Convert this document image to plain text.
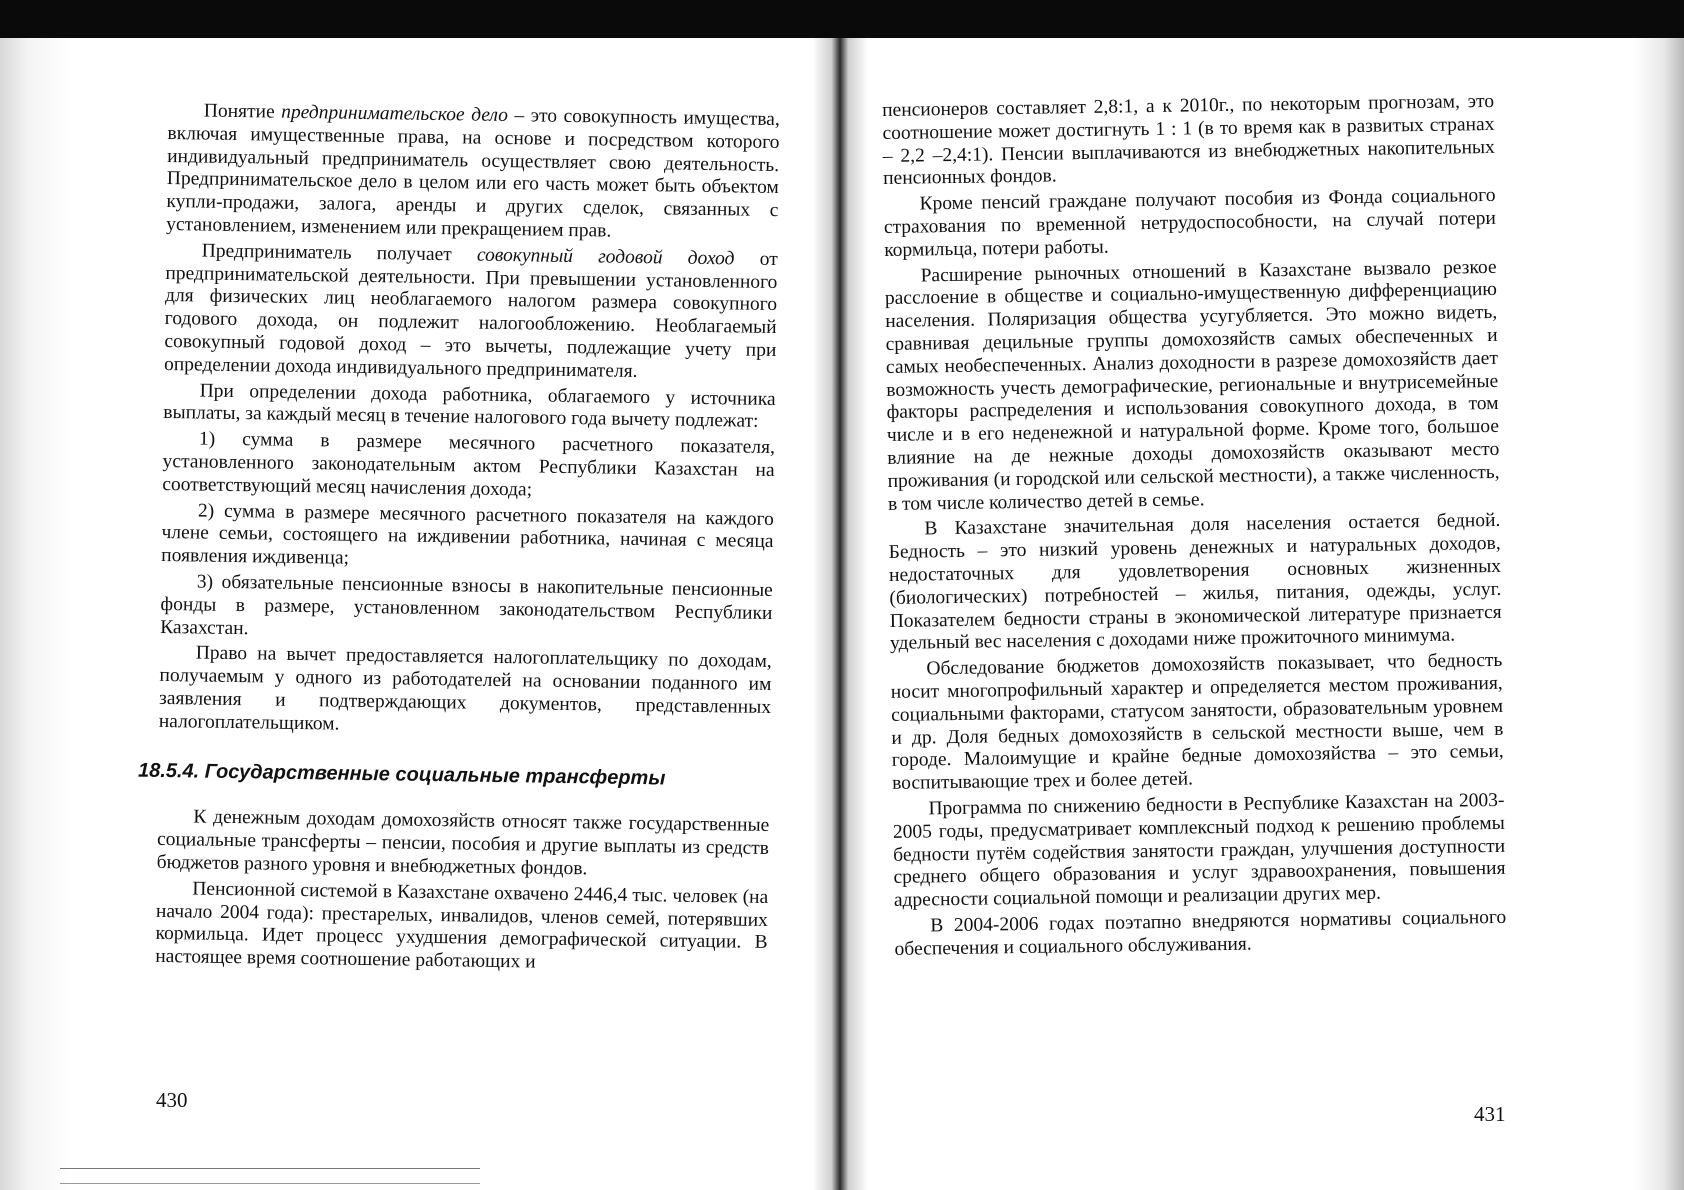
Понятие предпринимательское дело – это совокупность имущества, включая имущественные права, на основе и посредством которого индивидуальный предприниматель осуществляет свою деятельность. Предпринимательское дело в целом или его часть может быть объектом купли-продажи, залога, аренды и других сделок, связанных с установлением, изменением или прекращением прав.

Предприниматель получает совокупный годовой доход от предпринимательской деятельности. При превышении установленного для физических лиц необлагаемого налогом размера совокупного годового дохода, он подлежит налогообложению. Необлагаемый совокупный годовой доход – это вычеты, подлежащие учету при определении дохода индивидуального предпринимателя.

При определении дохода работника, облагаемого у источника выплаты, за каждый месяц в течение налогового года вычету подлежат:

1) сумма в размере месячного расчетного показателя, установленного законодательным актом Республики Казахстан на соответствующий месяц начисления дохода;

2) сумма в размере месячного расчетного показателя на каждого члене семьи, состоящего на иждивении работника, начиная с месяца появления иждивенца;

3) обязательные пенсионные взносы в накопительные пенсионные фонды в размере, установленном законодательством Республики Казахстан.

Право на вычет предоставляется налогоплательщику по доходам, получаемым у одного из работодателей на основании поданного им заявления и подтверждающих документов, представленных налогоплательщиком.

18.5.4. Государственные социальные трансферты

К денежным доходам домохозяйств относят также государственные социальные трансферты – пенсии, пособия и другие выплаты из средств бюджетов разного уровня и внебюджетных фондов.

Пенсионной системой в Казахстане охвачено 2446,4 тыс. человек (на начало 2004 года): престарелых, инвалидов, членов семей, потерявших кормильца. Идет процесс ухудшения демографической ситуации. В настоящее время соотношение работающих и

430

пенсионеров составляет 2,8:1, а к 2010г., по некоторым прогнозам, это соотношение может достигнуть 1 : 1 (в то время как в развитых странах – 2,2 –2,4:1). Пенсии выплачиваются из внебюджетных накопительных пенсионных фондов.

Кроме пенсий граждане получают пособия из Фонда социального страхования по временной нетрудоспособности, на случай потери кормильца, потери работы.

Расширение рыночных отношений в Казахстане вызвало резкое расслоение в обществе и социально-имущественную дифференциацию населения. Поляризация общества усугубляется. Это можно видеть, сравнивая децильные группы домохозяйств самых обеспеченных и самых необеспеченных. Анализ доходности в разрезе домохозяйств дает возможность учесть демографические, региональные и внутрисемейные факторы распределения и использования совокупного дохода, в том числе и в его неденежной и натуральной форме. Кроме того, большое влияние на де нежные доходы домохозяйств оказывают место проживания (и городской или сельской местности), а также численность, в том числе количество детей в семье.

В Казахстане значительная доля населения остается бедной. Бедность – это низкий уровень денежных и натуральных доходов, недостаточных для удовлетворения основных жизненных (биологических) потребностей – жилья, питания, одежды, услуг. Показателем бедности страны в экономической литературе признается удельный вес населения с доходами ниже прожиточного минимума.

Обследование бюджетов домохозяйств показывает, что бедность носит многопрофильный характер и определяется местом проживания, социальными факторами, статусом занятости, образовательным уровнем и др. Доля бедных домохозяйств в сельской местности выше, чем в городе. Малоимущие и крайне бедные домохозяйства – это семьи, воспитывающие трех и более детей.

Программа по снижению бедности в Республике Казахстан на 2003-2005 годы, предусматривает комплексный подход к решению проблемы бедности путём содействия занятости граждан, улучшения доступности среднего общего образования и услуг здравоохранения, повышения адресности социальной помощи и реализации других мер.

В 2004-2006 годах поэтапно внедряются нормативы социального обеспечения и социального обслуживания.

431
